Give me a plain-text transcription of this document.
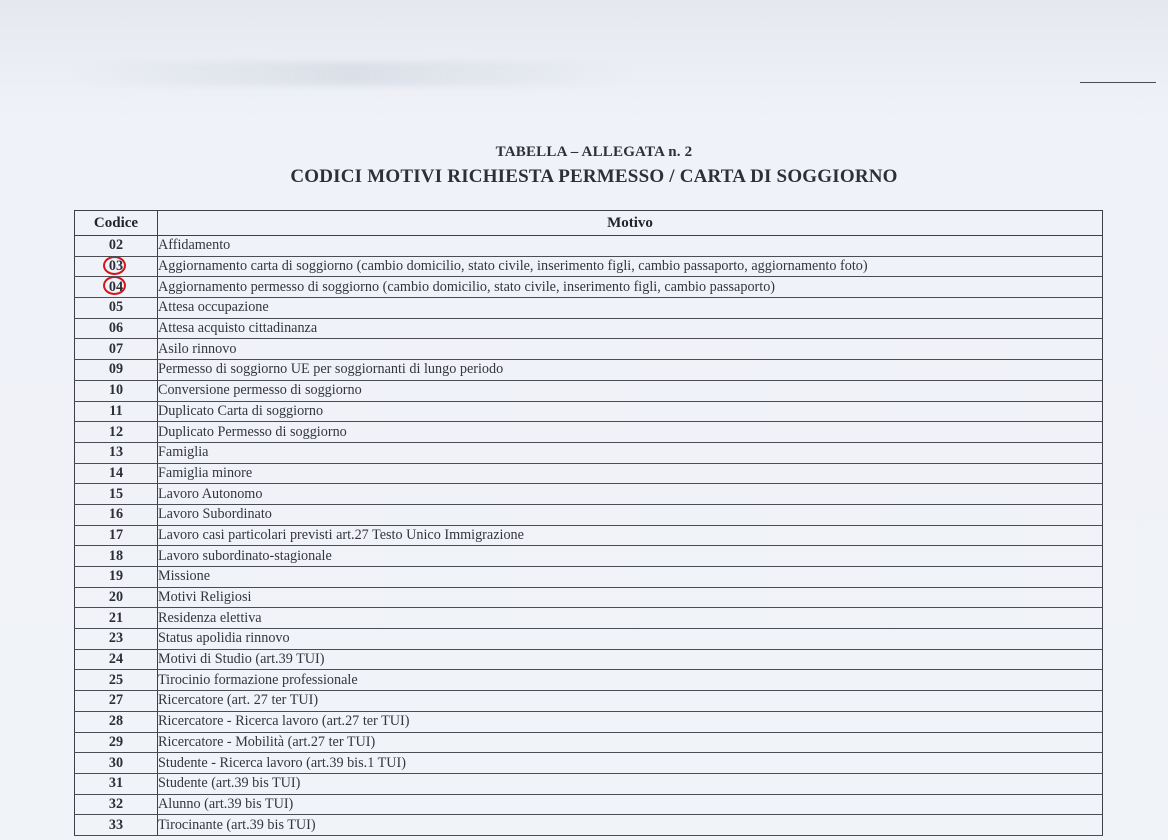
TABELLA – ALLEGATA n. 2
CODICI MOTIVI RICHIESTA PERMESSO / CARTA DI SOGGIORNO
Codice	Motivo
02	Affidamento
03	Aggiornamento carta di soggiorno (cambio domicilio, stato civile, inserimento figli, cambio passaporto, aggiornamento foto)
04	Aggiornamento permesso di soggiorno (cambio domicilio, stato civile, inserimento figli, cambio passaporto)
05	Attesa occupazione
06	Attesa acquisto cittadinanza
07	Asilo rinnovo
09	Permesso di soggiorno UE per soggiornanti di lungo periodo
10	Conversione permesso di soggiorno
11	Duplicato Carta di soggiorno
12	Duplicato Permesso di soggiorno
13	Famiglia
14	Famiglia minore
15	Lavoro Autonomo
16	Lavoro Subordinato
17	Lavoro casi particolari previsti art.27 Testo Unico Immigrazione
18	Lavoro subordinato-stagionale
19	Missione
20	Motivi Religiosi
21	Residenza elettiva
23	Status apolidia rinnovo
24	Motivi di Studio (art.39 TUI)
25	Tirocinio formazione professionale
27	Ricercatore (art. 27 ter TUI)
28	Ricercatore - Ricerca lavoro (art.27 ter TUI)
29	Ricercatore - Mobilità (art.27 ter TUI)
30	Studente - Ricerca lavoro (art.39 bis.1 TUI)
31	Studente (art.39 bis TUI)
32	Alunno (art.39 bis TUI)
33	Tirocinante (art.39 bis TUI)
